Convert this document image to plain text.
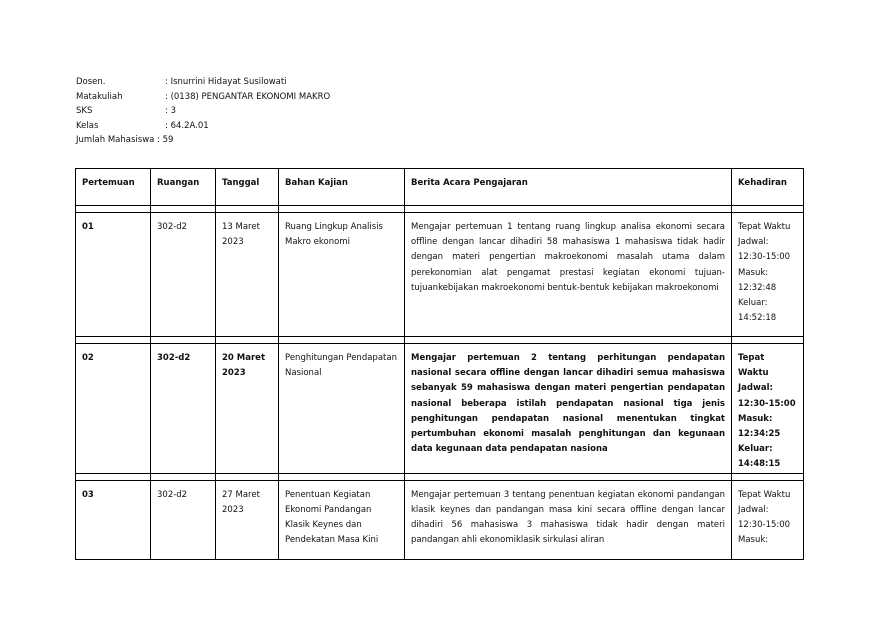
Dosen.	: Isnurrini Hidayat Susilowati
Matakuliah	: (0138) PENGANTAR EKONOMI MAKRO
SKS	: 3
Kelas	: 64.2A.01
Jumlah Mahasiswa
: 59
Pertemuan	Ruangan	Tanggal	Bahan Kajian	Berita Acara Pengajaran	Kehadiran

01	302-d2	13 Maret 2023	Ruang Lingkup Analisis Makro ekonomi	Mengajar pertemuan 1 tentang ruang lingkup analisa ekonomi secara offline dengan lancar dihadiri 58 mahasiswa 1 mahasiswa tidak hadir dengan materi pengertian makroekonomi masalah utama dalam perekonomian alat pengamat prestasi kegiatan ekonomi tujuan-tujuankebijakan makroekonomi bentuk-bentuk kebijakan makroekonomi	Tepat Waktu Jadwal: 12:30-15:00 Masuk: 12:32:48 Keluar: 14:52:18

02	302-d2	20 Maret 2023	Penghitungan Pendapatan Nasional	Mengajar pertemuan 2 tentang perhitungan pendapatan nasional secara offline dengan lancar dihadiri semua mahasiswa sebanyak 59 mahasiswa dengan materi pengertian pendapatan nasional beberapa istilah pendapatan nasional tiga jenis penghitungan pendapatan nasional menentukan tingkat pertumbuhan ekonomi masalah penghitungan dan kegunaan data kegunaan data pendapatan nasiona	Tepat Waktu Jadwal: 12:30-15:00 Masuk: 12:34:25 Keluar: 14:48:15

03	302-d2	27 Maret 2023	Penentuan Kegiatan Ekonomi Pandangan Klasik Keynes dan Pendekatan Masa Kini	Mengajar pertemuan 3 tentang penentuan kegiatan ekonomi pandangan klasik keynes dan pandangan masa kini secara offline dengan lancar dihadiri 56 mahasiswa 3 mahasiswa tidak hadir dengan materi pandangan ahli ekonomiklasik sirkulasi aliran	Tepat Waktu Jadwal: 12:30-15:00 Masuk:
